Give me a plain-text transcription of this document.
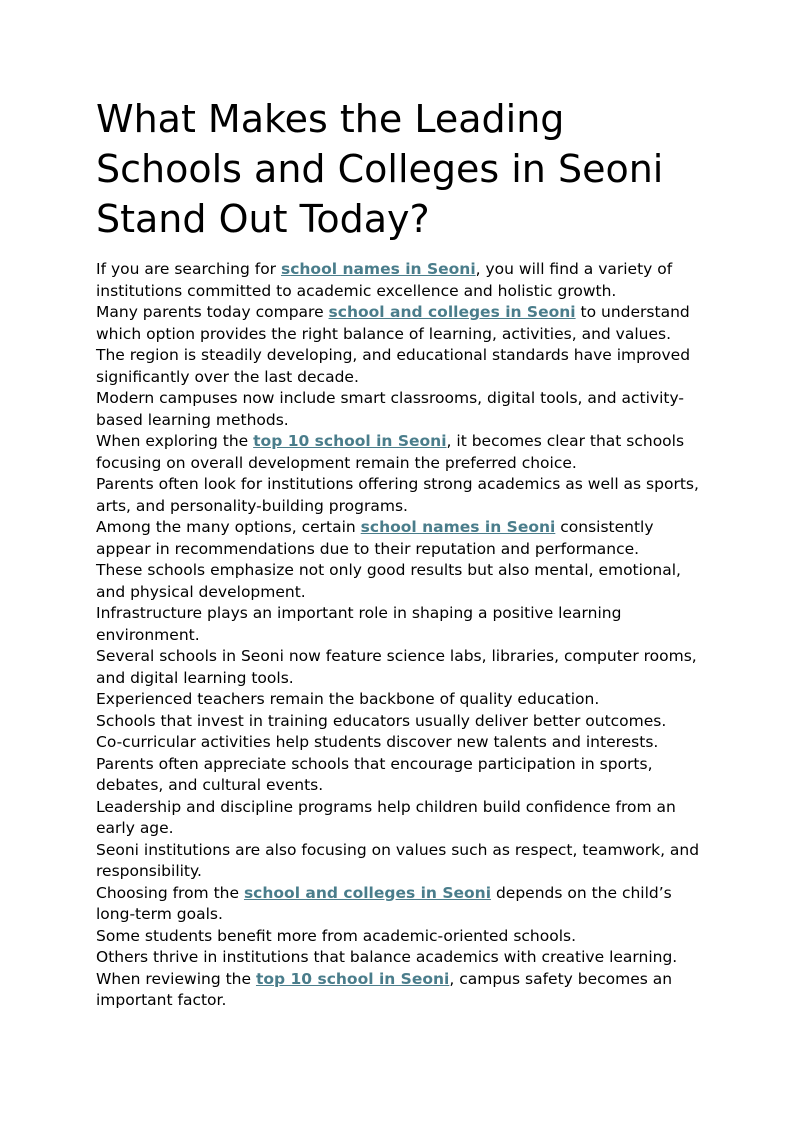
What Makes the Leading Schools and Colleges in Seoni Stand Out Today?

If you are searching for school names in Seoni, you will find a variety of institutions committed to academic excellence and holistic growth.

Many parents today compare school and colleges in Seoni to understand which option provides the right balance of learning, activities, and values.

The region is steadily developing, and educational standards have improved significantly over the last decade.

Modern campuses now include smart classrooms, digital tools, and activity-based learning methods.

When exploring the top 10 school in Seoni, it becomes clear that schools focusing on overall development remain the preferred choice.

Parents often look for institutions offering strong academics as well as sports, arts, and personality-building programs.

Among the many options, certain school names in Seoni consistently appear in recommendations due to their reputation and performance.

These schools emphasize not only good results but also mental, emotional, and physical development.

Infrastructure plays an important role in shaping a positive learning environment.

Several schools in Seoni now feature science labs, libraries, computer rooms, and digital learning tools.

Experienced teachers remain the backbone of quality education.

Schools that invest in training educators usually deliver better outcomes.

Co-curricular activities help students discover new talents and interests.

Parents often appreciate schools that encourage participation in sports, debates, and cultural events.

Leadership and discipline programs help children build confidence from an early age.

Seoni institutions are also focusing on values such as respect, teamwork, and responsibility.

Choosing from the school and colleges in Seoni depends on the child’s long-term goals.

Some students benefit more from academic-oriented schools.

Others thrive in institutions that balance academics with creative learning.

When reviewing the top 10 school in Seoni, campus safety becomes an important factor.
